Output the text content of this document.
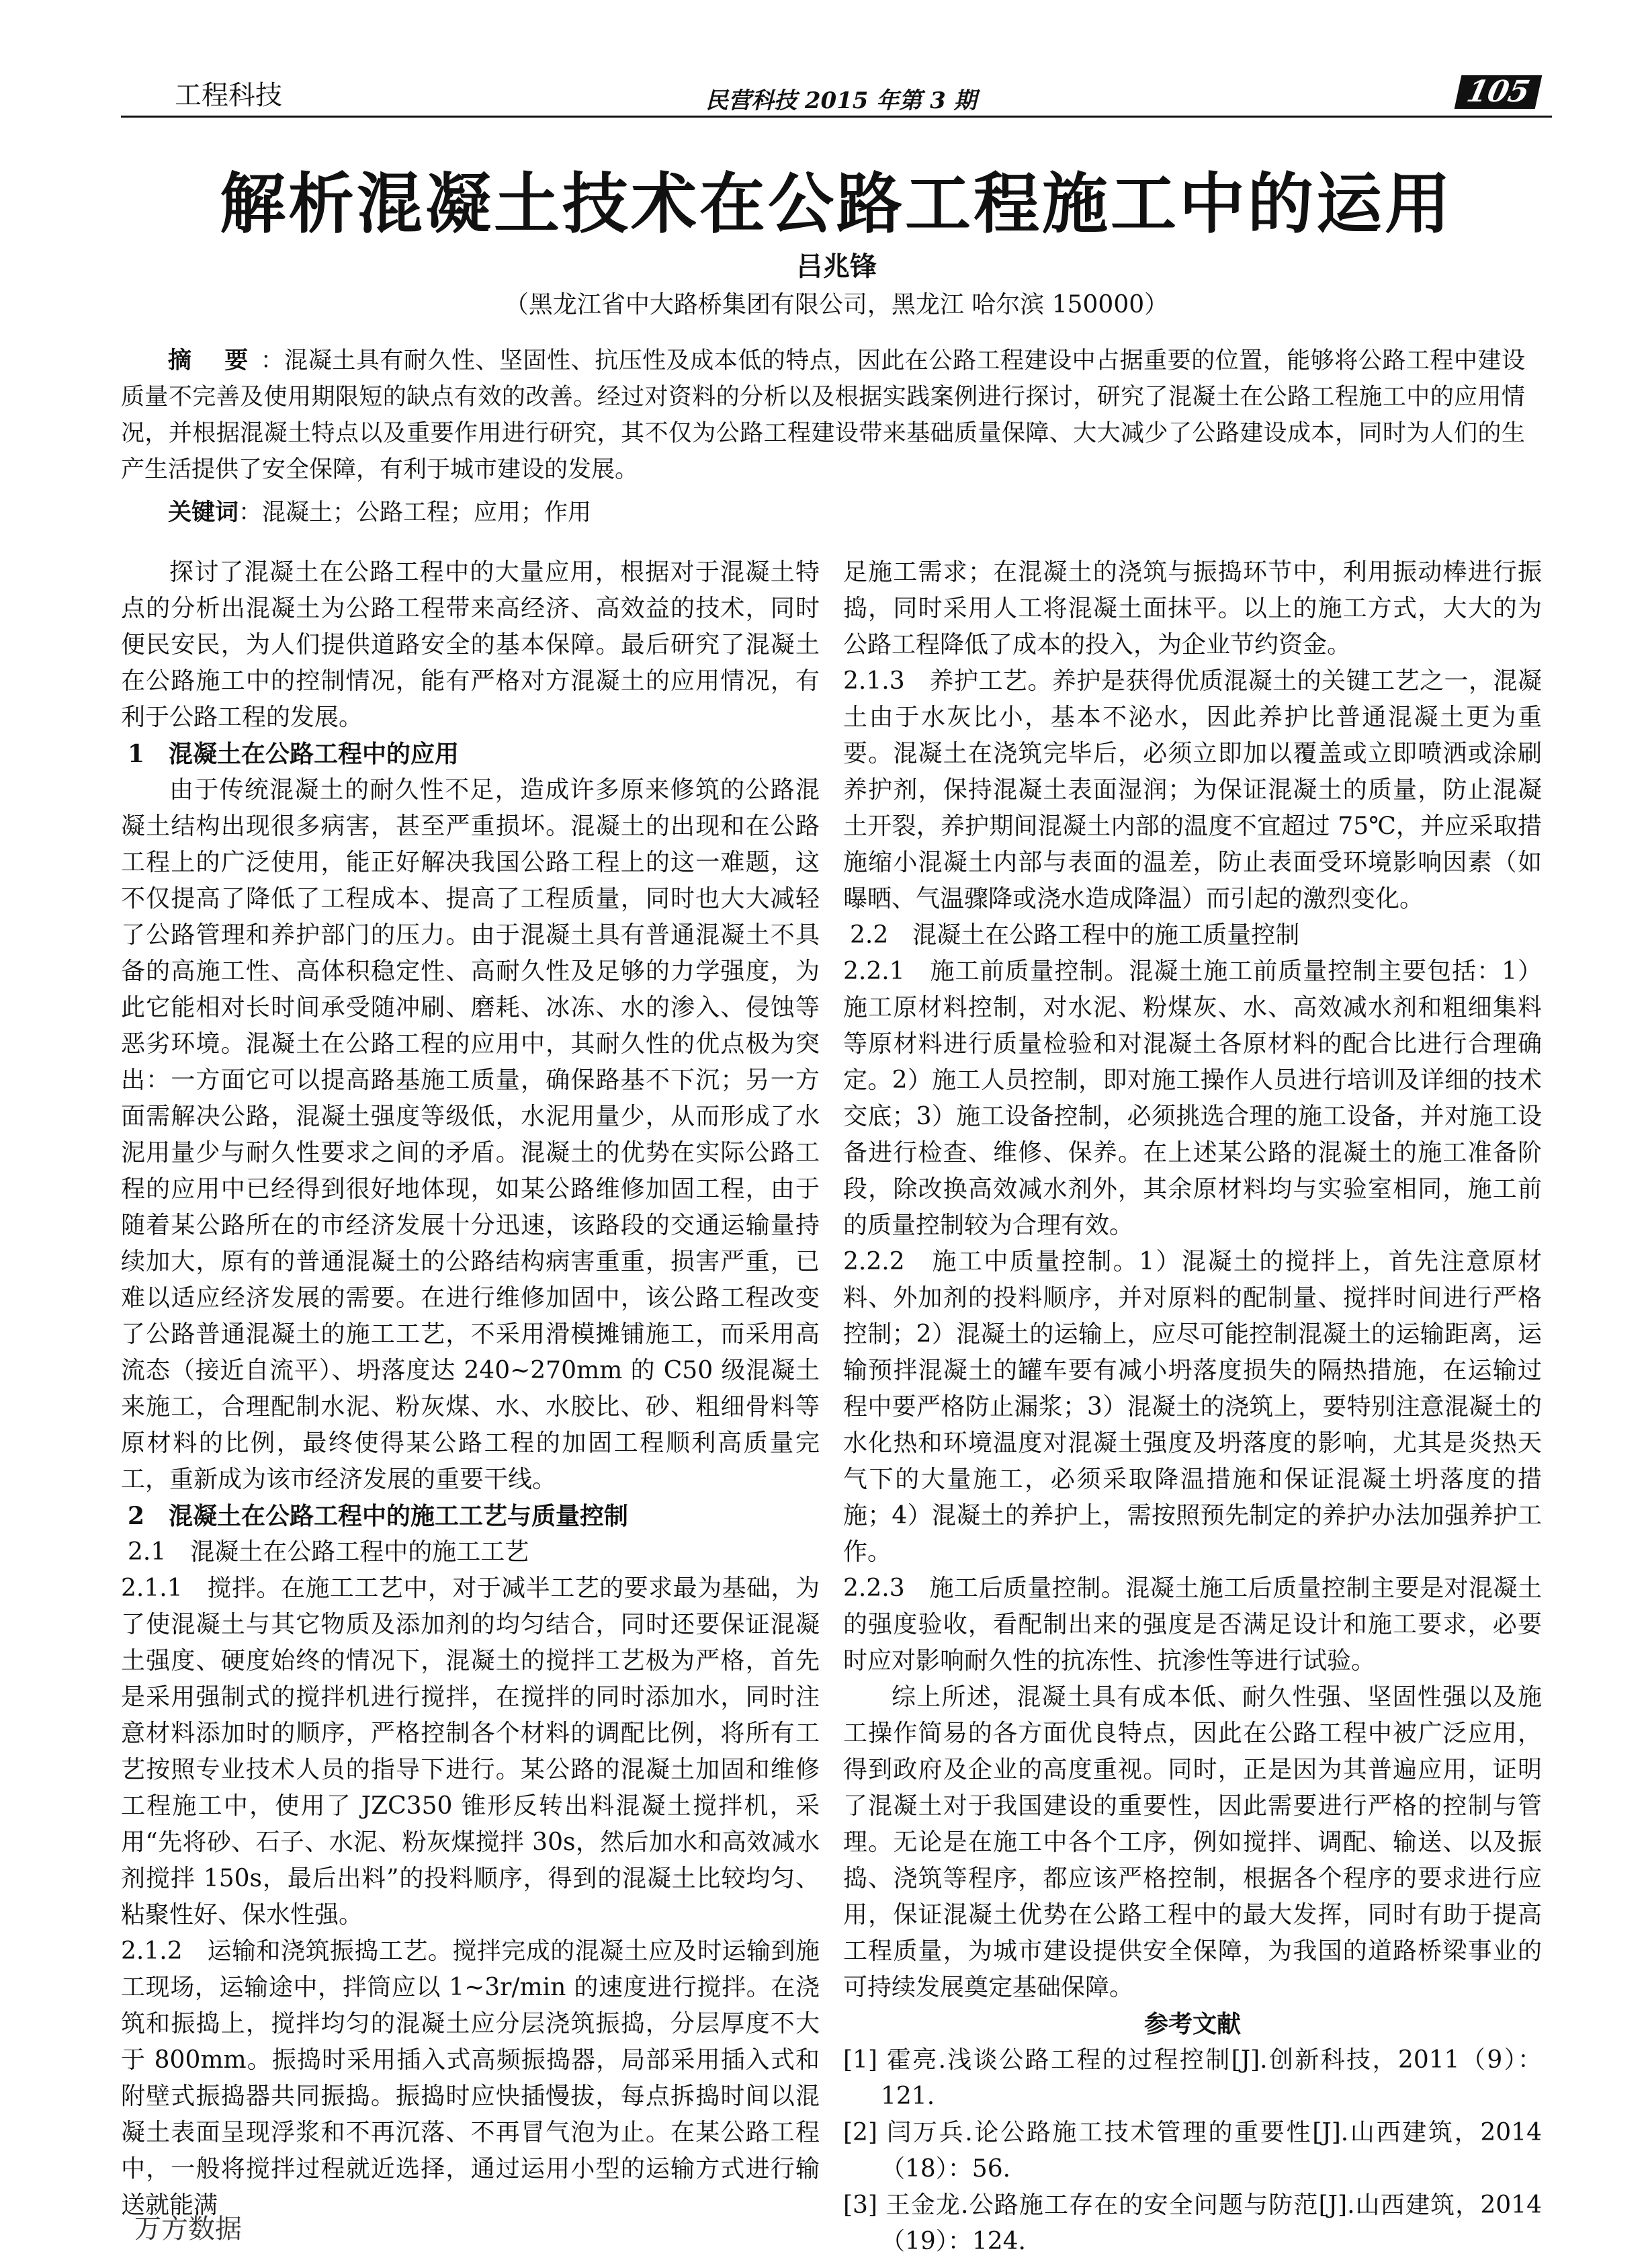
工程科技	民营科技 2015 年第 3 期	105
解析混凝土技术在公路工程施工中的运用
吕兆锋
（黑龙江省中大路桥集团有限公司，黑龙江 哈尔滨 150000）
摘 要：混凝土具有耐久性、坚固性、抗压性及成本低的特点，因此在公路工程建设中占据重要的位置，能够将公路工程中建设质量不完善及使用期限短的缺点有效的改善。经过对资料的分析以及根据实践案例进行探讨，研究了混凝土在公路工程施工中的应用情况，并根据混凝土特点以及重要作用进行研究，其不仅为公路工程建设带来基础质量保障、大大减少了公路建设成本，同时为人们的生产生活提供了安全保障，有利于城市建设的发展。
关键词：混凝土；公路工程；应用；作用

探讨了混凝土在公路工程中的大量应用，根据对于混凝土特点的分析出混凝土为公路工程带来高经济、高效益的技术，同时便民安民，为人们提供道路安全的基本保障。最后研究了混凝土在公路施工中的控制情况，能有严格对方混凝土的应用情况，有利于公路工程的发展。

1　混凝土在公路工程中的应用

由于传统混凝土的耐久性不足，造成许多原来修筑的公路混凝土结构出现很多病害，甚至严重损坏。混凝土的出现和在公路工程上的广泛使用，能正好解决我国公路工程上的这一难题，这不仅提高了降低了工程成本、提高了工程质量，同时也大大减轻了公路管理和养护部门的压力。由于混凝土具有普通混凝土不具备的高施工性、高体积稳定性、高耐久性及足够的力学强度，为此它能相对长时间承受随冲刷、磨耗、冰冻、水的渗入、侵蚀等恶劣环境。混凝土在公路工程的应用中，其耐久性的优点极为突出：一方面它可以提高路基施工质量，确保路基不下沉；另一方面需解决公路，混凝土强度等级低，水泥用量少，从而形成了水泥用量少与耐久性要求之间的矛盾。混凝土的优势在实际公路工程的应用中已经得到很好地体现，如某公路维修加固工程，由于随着某公路所在的市经济发展十分迅速，该路段的交通运输量持续加大，原有的普通混凝土的公路结构病害重重，损害严重，已难以适应经济发展的需要。在进行维修加固中，该公路工程改变了公路普通混凝土的施工工艺，不采用滑模摊铺施工，而采用高流态（接近自流平）、坍落度达 240~270mm 的 C50 级混凝土来施工，合理配制水泥、粉灰煤、水、水胶比、砂、粗细骨料等原材料的比例，最终使得某公路工程的加固工程顺利高质量完工，重新成为该市经济发展的重要干线。

2　混凝土在公路工程中的施工工艺与质量控制

2.1　混凝土在公路工程中的施工工艺

2.1.1　搅拌。在施工工艺中，对于减半工艺的要求最为基础，为了使混凝土与其它物质及添加剂的均匀结合，同时还要保证混凝土强度、硬度始终的情况下，混凝土的搅拌工艺极为严格，首先是采用强制式的搅拌机进行搅拌，在搅拌的同时添加水，同时注意材料添加时的顺序，严格控制各个材料的调配比例，将所有工艺按照专业技术人员的指导下进行。某公路的混凝土加固和维修工程施工中，使用了 JZC350 锥形反转出料混凝土搅拌机，采用“先将砂、石子、水泥、粉灰煤搅拌 30s，然后加水和高效减水剂搅拌 150s，最后出料”的投料顺序，得到的混凝土比较均匀、粘聚性好、保水性强。

2.1.2　运输和浇筑振捣工艺。搅拌完成的混凝土应及时运输到施工现场，运输途中，拌筒应以 1~3r/min 的速度进行搅拌。在浇筑和振捣上，搅拌均匀的混凝土应分层浇筑振捣，分层厚度不大于 800mm。振捣时采用插入式高频振捣器，局部采用插入式和附壁式振捣器共同振捣。振捣时应快插慢拔，每点拆捣时间以混凝土表面呈现浮浆和不再沉落、不再冒气泡为止。在某公路工程中，一般将搅拌过程就近选择，通过运用小型的运输方式进行输送就能满

足施工需求；在混凝土的浇筑与振捣环节中，利用振动棒进行振捣，同时采用人工将混凝土面抹平。以上的施工方式，大大的为公路工程降低了成本的投入，为企业节约资金。

2.1.3　养护工艺。养护是获得优质混凝土的关键工艺之一，混凝土由于水灰比小，基本不泌水，因此养护比普通混凝土更为重要。混凝土在浇筑完毕后，必须立即加以覆盖或立即喷洒或涂刷养护剂，保持混凝土表面湿润；为保证混凝土的质量，防止混凝土开裂，养护期间混凝土内部的温度不宜超过 75℃，并应采取措施缩小混凝土内部与表面的温差，防止表面受环境影响因素（如曝晒、气温骤降或浇水造成降温）而引起的激烈变化。

2.2　混凝土在公路工程中的施工质量控制

2.2.1　施工前质量控制。混凝土施工前质量控制主要包括：1）施工原材料控制，对水泥、粉煤灰、水、高效减水剂和粗细集料等原材料进行质量检验和对混凝土各原材料的配合比进行合理确定。2）施工人员控制，即对施工操作人员进行培训及详细的技术交底；3）施工设备控制，必须挑选合理的施工设备，并对施工设备进行检查、维修、保养。在上述某公路的混凝土的施工准备阶段，除改换高效减水剂外，其余原材料均与实验室相同，施工前的质量控制较为合理有效。

2.2.2　施工中质量控制。1）混凝土的搅拌上，首先注意原材料、外加剂的投料顺序，并对原料的配制量、搅拌时间进行严格控制；2）混凝土的运输上，应尽可能控制混凝土的运输距离，运输预拌混凝土的罐车要有减小坍落度损失的隔热措施，在运输过程中要严格防止漏浆；3）混凝土的浇筑上，要特别注意混凝土的水化热和环境温度对混凝土强度及坍落度的影响，尤其是炎热天气下的大量施工，必须采取降温措施和保证混凝土坍落度的措施；4）混凝土的养护上，需按照预先制定的养护办法加强养护工作。

2.2.3　施工后质量控制。混凝土施工后质量控制主要是对混凝土的强度验收，看配制出来的强度是否满足设计和施工要求，必要时应对影响耐久性的抗冻性、抗渗性等进行试验。

综上所述，混凝土具有成本低、耐久性强、坚固性强以及施工操作简易的各方面优良特点，因此在公路工程中被广泛应用，得到政府及企业的高度重视。同时，正是因为其普遍应用，证明了混凝土对于我国建设的重要性，因此需要进行严格的控制与管理。无论是在施工中各个工序，例如搅拌、调配、输送、以及振捣、浇筑等程序，都应该严格控制，根据各个程序的要求进行应用，保证混凝土优势在公路工程中的最大发挥，同时有助于提高工程质量，为城市建设提供安全保障，为我国的道路桥梁事业的可持续发展奠定基础保障。

参考文献

[1] 霍亮.浅谈公路工程的过程控制[J].创新科技，2011（9）：121.

[2] 闫万兵.论公路施工技术管理的重要性[J].山西建筑，2014（18）：56.

[3] 王金龙.公路施工存在的安全问题与防范[J].山西建筑，2014（19）：124.

万方数据
